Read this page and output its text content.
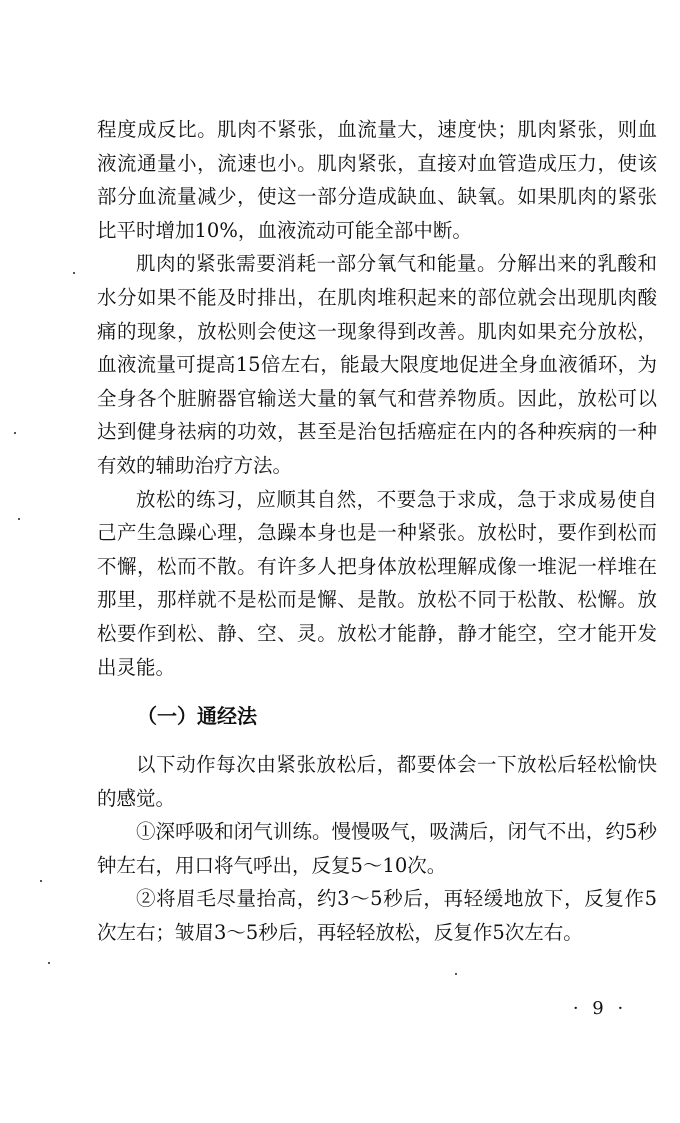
程度成反比。肌肉不紧张，血流量大，速度快；肌肉紧张，则血液流通量小，流速也小。肌肉紧张，直接对血管造成压力，使该部分血流量减少，使这一部分造成缺血、缺氧。如果肌肉的紧张比平时增加10%，血液流动可能全部中断。

肌肉的紧张需要消耗一部分氧气和能量。分解出来的乳酸和水分如果不能及时排出，在肌肉堆积起来的部位就会出现肌肉酸痛的现象，放松则会使这一现象得到改善。肌肉如果充分放松，血液流量可提高15倍左右，能最大限度地促进全身血液循环，为全身各个脏腑器官输送大量的氧气和营养物质。因此，放松可以达到健身祛病的功效，甚至是治包括癌症在内的各种疾病的一种有效的辅助治疗方法。

放松的练习，应顺其自然，不要急于求成，急于求成易使自己产生急躁心理，急躁本身也是一种紧张。放松时，要作到松而不懈，松而不散。有许多人把身体放松理解成像一堆泥一样堆在那里，那样就不是松而是懈、是散。放松不同于松散、松懈。放松要作到松、静、空、灵。放松才能静，静才能空，空才能开发出灵能。

（一）通经法

以下动作每次由紧张放松后，都要体会一下放松后轻松愉快的感觉。

①深呼吸和闭气训练。慢慢吸气，吸满后，闭气不出，约5秒钟左右，用口将气呼出，反复5～10次。

②将眉毛尽量抬高，约3～5秒后，再轻缓地放下，反复作5次左右；皱眉3～5秒后，再轻轻放松，反复作5次左右。

· 9 ·
